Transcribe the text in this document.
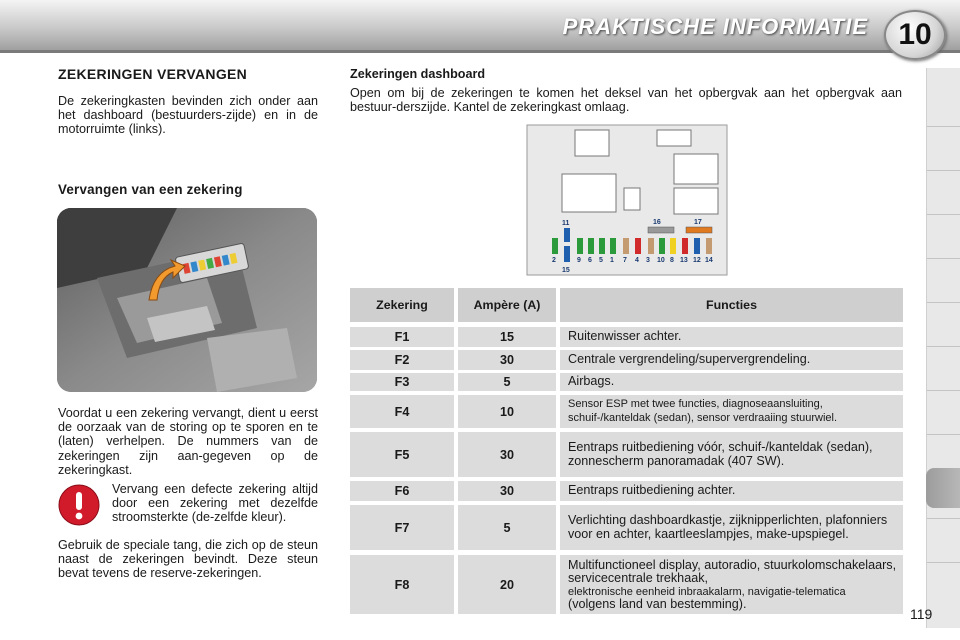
PRAKTISCHE INFORMATIE 10
ZEKERINGEN VERVANGEN

De zekeringkasten bevinden zich onder aan het dashboard (bestuurders-zijde) en in de motorruimte (links).

Vervangen van een zekering

Voordat u een zekering vervangt, dient u eerst de oorzaak van de storing op te sporen en te (laten) verhelpen. De nummers van de zekeringen zijn aan-gegeven op de zekeringkast.

Vervang een defecte zekering altijd door een zekering met dezelfde stroomsterkte (de-zelfde kleur).

Gebruik de speciale tang, die zich op de steun naast de zekeringen bevindt. Deze steun bevat tevens de reserve-zekeringen.

Zekeringen dashboard

Open om bij de zekeringen te komen het deksel van het opbergvak aan het opbergvak aan bestuur-derszijde. Kantel de zekeringkast omlaag.

11	16	17
2	9 6 5 1 7 4 3 10 8 13 12 14
15
Zekering	Ampère (A)	Functies
F1	15	Ruitenwisser achter.
F2	30	Centrale vergrendeling/supervergrendeling.
F3	5	Airbags.
F4	10
Sensor ESP met twee functies, diagnoseaansluiting, schuif-/kanteldak (sedan), sensor verdraaiing stuurwiel.
F5	30
Eentraps ruitbediening vóór, schuif-/kanteldak (sedan), zonnescherm panoramadak (407 SW).
F6	30	Eentraps ruitbediening achter.
F7	5
Verlichting dashboardkastje, zijknipperlichten, plafonniers voor en achter, kaartleeslampjes, make-upspiegel.
F8	20
Multifunctioneel display, autoradio, stuurkolomschakelaars, servicecentrale trekhaak,
elektronische eenheid inbraakalarm, navigatie-telematica
(volgens land van bestemming).
119
